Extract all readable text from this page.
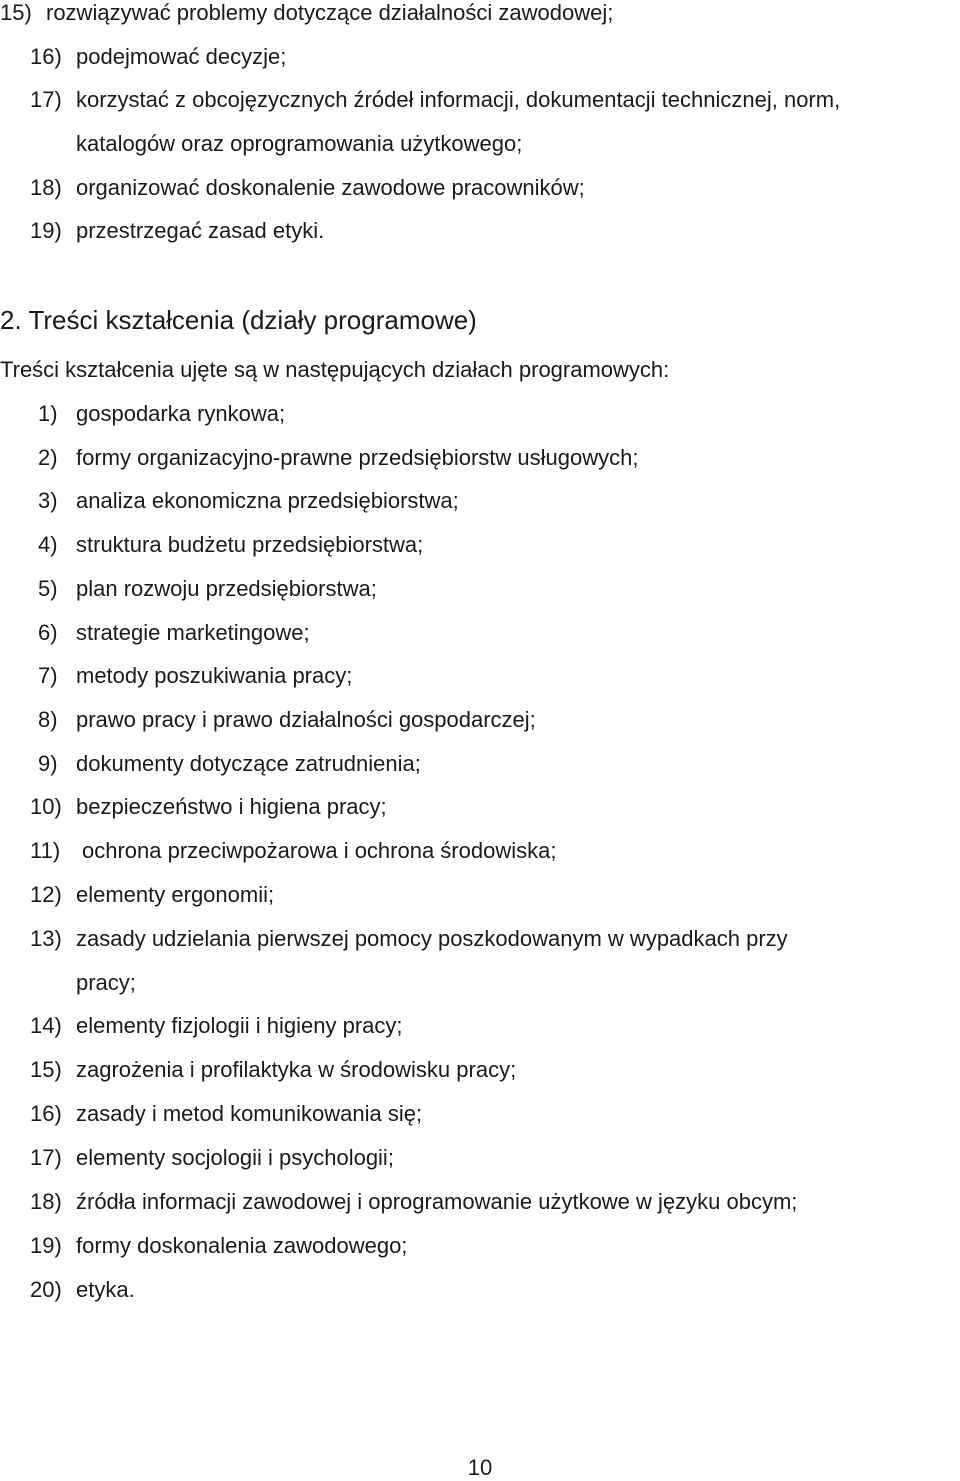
15) rozwiązywać problemy dotyczące działalności zawodowej;
16) podejmować decyzje;
17) korzystać z obcojęzycznych źródeł informacji, dokumentacji technicznej, norm,
katalogów oraz oprogramowania użytkowego;
18) organizować doskonalenie zawodowe pracowników;
19) przestrzegać zasad etyki.
2. Treści kształcenia (działy programowe)
Treści kształcenia ujęte są w następujących działach programowych:
1) gospodarka rynkowa;
2) formy organizacyjno-prawne przedsiębiorstw usługowych;
3) analiza ekonomiczna przedsiębiorstwa;
4) struktura budżetu przedsiębiorstwa;
5) plan rozwoju przedsiębiorstwa;
6) strategie marketingowe;
7) metody poszukiwania pracy;
8) prawo pracy i prawo działalności gospodarczej;
9) dokumenty dotyczące zatrudnienia;
10) bezpieczeństwo i higiena pracy;
11) ochrona przeciwpożarowa i ochrona środowiska;
12) elementy ergonomii;
13) zasady udzielania pierwszej pomocy poszkodowanym w wypadkach przy
pracy;
14) elementy fizjologii i higieny pracy;
15) zagrożenia i profilaktyka w środowisku pracy;
16) zasady i metod komunikowania się;
17) elementy socjologii i psychologii;
18) źródła informacji zawodowej i oprogramowanie użytkowe w języku obcym;
19) formy doskonalenia zawodowego;
20) etyka.
10
